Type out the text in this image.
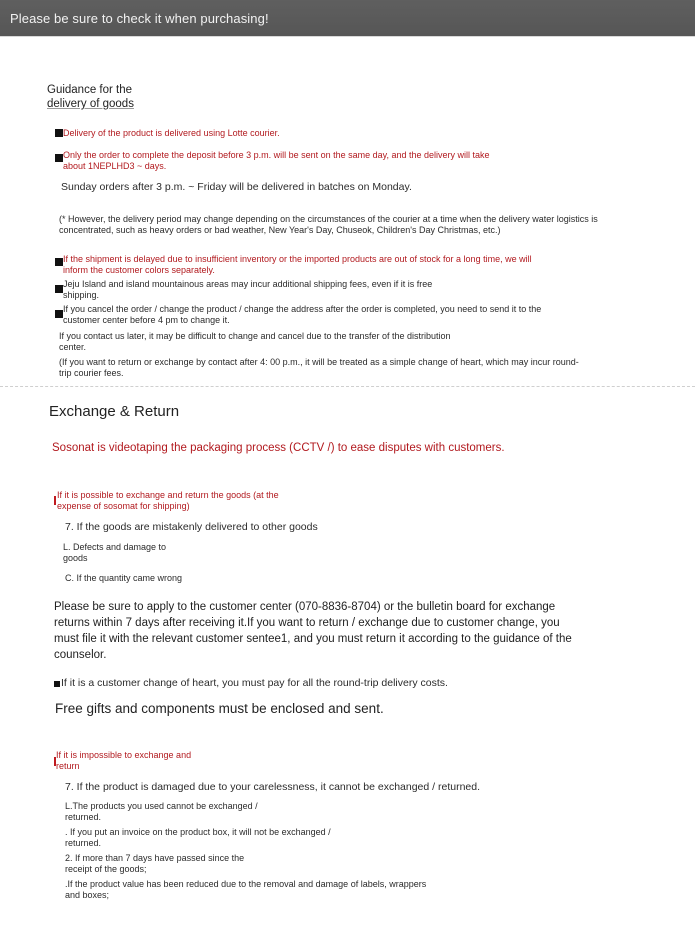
Please be sure to check it when purchasing!
Guidance for the
delivery of goods
Delivery of the product is delivered using Lotte courier.
Only the order to complete the deposit before 3 p.m. will be sent on the same day, and the delivery will take
about 1NEPLHD3 ~ days.
Sunday orders after 3 p.m. ~ Friday will be delivered in batches on Monday.
(* However, the delivery period may change depending on the circumstances of the courier at a time when the delivery water logistics is
concentrated, such as heavy orders or bad weather, New Year's Day, Chuseok, Children's Day Christmas, etc.)
If the shipment is delayed due to insufficient inventory or the imported products are out of stock for a long time, we will
inform the customer colors separately.
Jeju Island and island mountainous areas may incur additional shipping fees, even if it is free
shipping.
If you cancel the order / change the product / change the address after the order is completed, you need to send it to the
customer center before 4 pm to change it.
If you contact us later, it may be difficult to change and cancel due to the transfer of the distribution
center.
(If you want to return or exchange by contact after 4: 00 p.m., it will be treated as a simple change of heart, which may incur round-
trip courier fees.
Exchange & Return
Sosonat is videotaping the packaging process (CCTV /) to ease disputes with customers.
If it is possible to exchange and return the goods (at the
expense of sosomat for shipping)
7. If the goods are mistakenly delivered to other goods
L. Defects and damage to
goods
C. If the quantity came wrong
Please be sure to apply to the customer center (070-8836-8704) or the bulletin board for exchange
returns within 7 days after receiving it.If you want to return / exchange due to customer change, you
must file it with the relevant customer sentee1, and you must return it according to the guidance of the
counselor.
If it is a customer change of heart, you must pay for all the round-trip delivery costs.
Free gifts and components must be enclosed and sent.
If it is impossible to exchange and
return
7. If the product is damaged due to your carelessness, it cannot be exchanged / returned.
L.The products you used cannot be exchanged /
returned.
. If you put an invoice on the product box, it will not be exchanged /
returned.
2. If more than 7 days have passed since the
receipt of the goods;
.If the product value has been reduced due to the removal and damage of labels, wrappers
and boxes;
